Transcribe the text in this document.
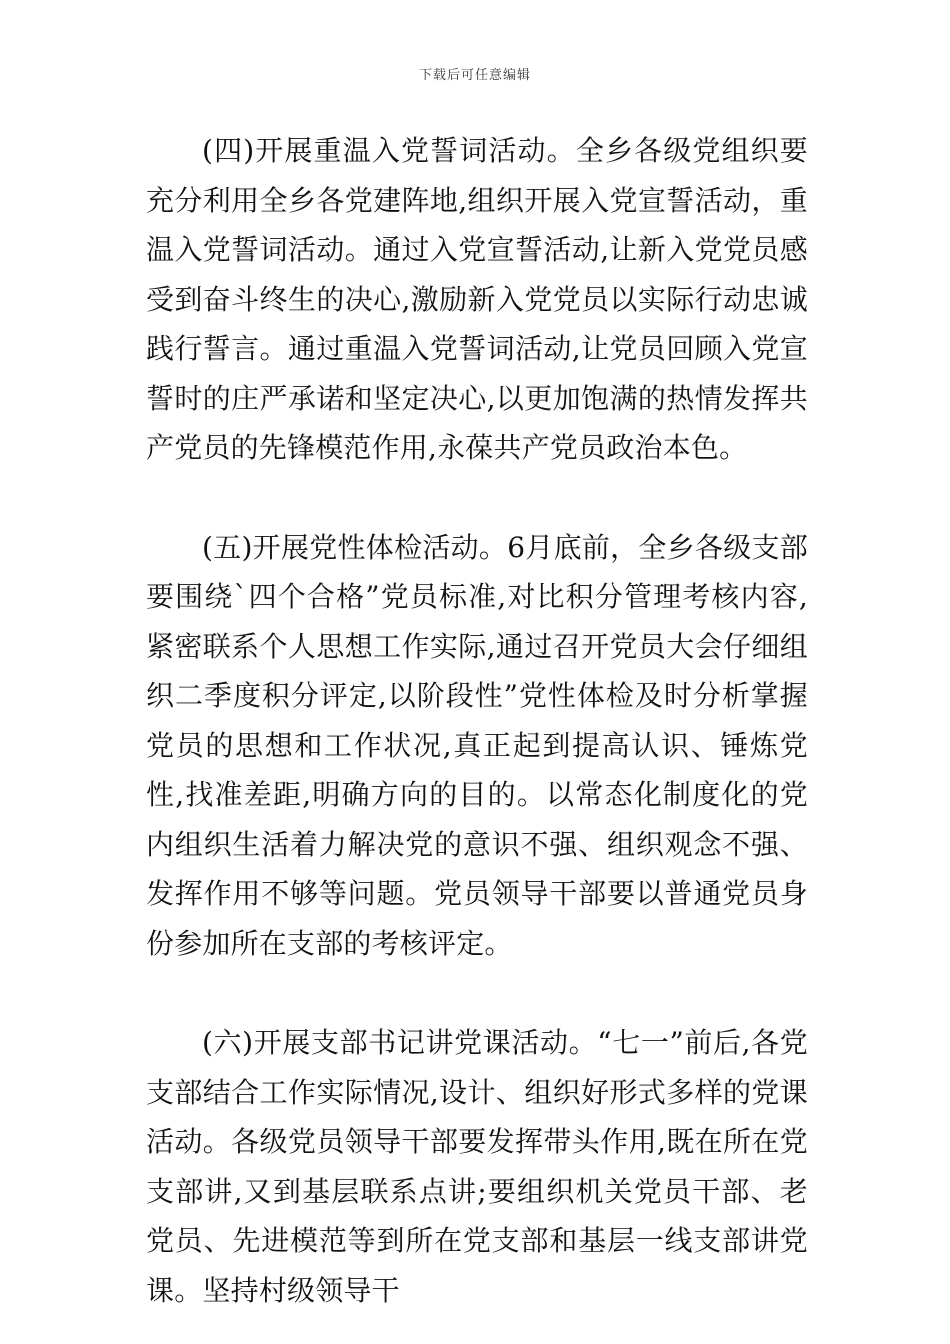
下载后可任意编辑

(四)开展重温入党誓词活动。全乡各级党组织要充分利用全乡各党建阵地,组织开展入党宣誓活动，重温入党誓词活动。通过入党宣誓活动,让新入党党员感受到奋斗终生的决心,激励新入党党员以实际行动忠诚践行誓言。通过重温入党誓词活动,让党员回顾入党宣誓时的庄严承诺和坚定决心,以更加饱满的热情发挥共产党员的先锋模范作用,永葆共产党员政治本色。

(五)开展党性体检活动。6月底前，全乡各级支部要围绕`四个合格”党员标准,对比积分管理考核内容,紧密联系个人思想工作实际,通过召开党员大会仔细组织二季度积分评定,以阶段性”党性体检及时分析掌握党员的思想和工作状况,真正起到提高认识、锤炼党性,找准差距,明确方向的目的。以常态化制度化的党内组织生活着力解决党的意识不强、组织观念不强、发挥作用不够等问题。党员领导干部要以普通党员身份参加所在支部的考核评定。

(六)开展支部书记讲党课活动。“七一”前后,各党支部结合工作实际情况,设计、组织好形式多样的党课活动。各级党员领导干部要发挥带头作用,既在所在党支部讲,又到基层联系点讲;要组织机关党员干部、老党员、先进模范等到所在党支部和基层一线支部讲党课。坚持村级领导干
